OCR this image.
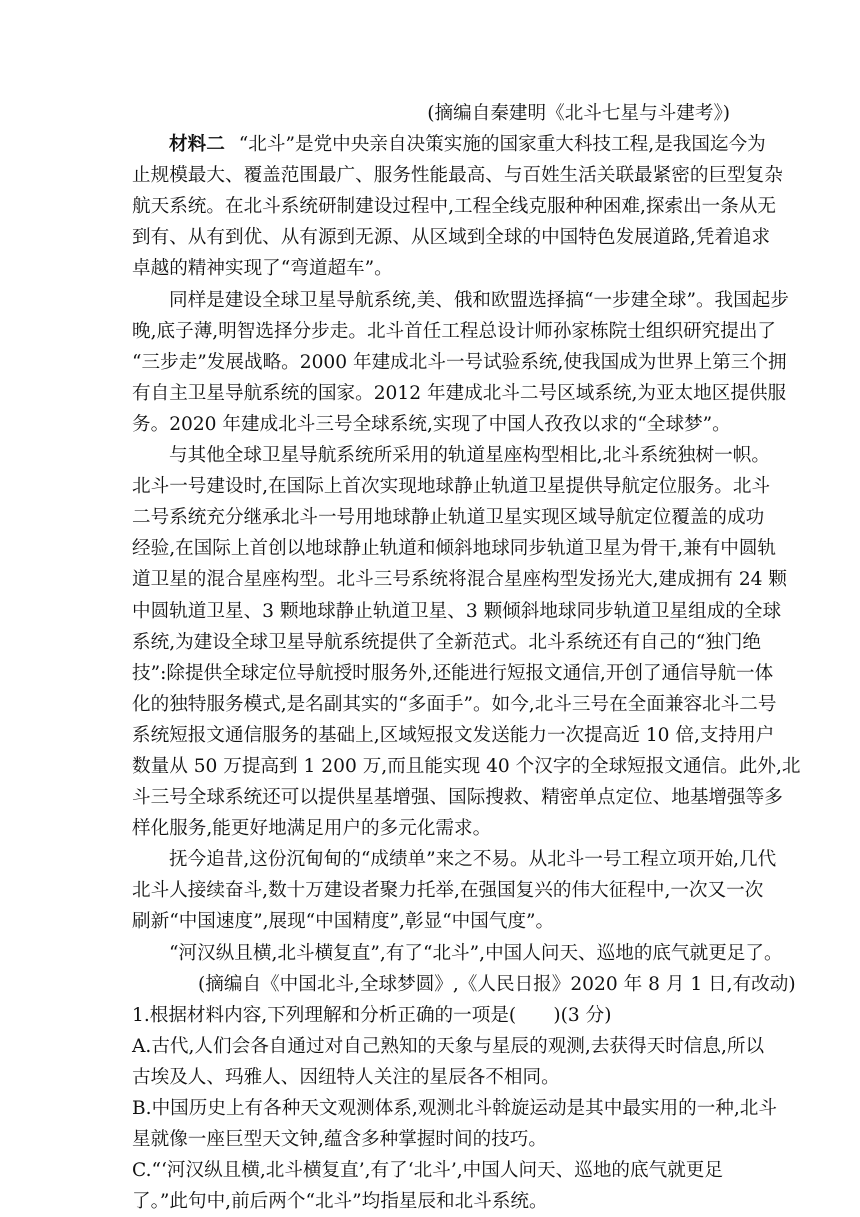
(摘编自秦建明《北斗七星与斗建考》)
材料二 “北斗”是党中央亲自决策实施的国家重大科技工程,是我国迄今为
止规模最大、覆盖范围最广、服务性能最高、与百姓生活关联最紧密的巨型复杂
航天系统。在北斗系统研制建设过程中,工程全线克服种种困难,探索出一条从无
到有、从有到优、从有源到无源、从区域到全球的中国特色发展道路,凭着追求
卓越的精神实现了“弯道超车”。
同样是建设全球卫星导航系统,美、俄和欧盟选择搞“一步建全球”。我国起步
晚,底子薄,明智选择分步走。北斗首任工程总设计师孙家栋院士组织研究提出了
“三步走”发展战略。2000 年建成北斗一号试验系统,使我国成为世界上第三个拥
有自主卫星导航系统的国家。2012 年建成北斗二号区域系统,为亚太地区提供服
务。2020 年建成北斗三号全球系统,实现了中国人孜孜以求的“全球梦”。
与其他全球卫星导航系统所采用的轨道星座构型相比,北斗系统独树一帜。
北斗一号建设时,在国际上首次实现地球静止轨道卫星提供导航定位服务。北斗
二号系统充分继承北斗一号用地球静止轨道卫星实现区域导航定位覆盖的成功
经验,在国际上首创以地球静止轨道和倾斜地球同步轨道卫星为骨干,兼有中圆轨
道卫星的混合星座构型。北斗三号系统将混合星座构型发扬光大,建成拥有 24 颗
中圆轨道卫星、3 颗地球静止轨道卫星、3 颗倾斜地球同步轨道卫星组成的全球
系统,为建设全球卫星导航系统提供了全新范式。北斗系统还有自己的“独门绝
技”:除提供全球定位导航授时服务外,还能进行短报文通信,开创了通信导航一体
化的独特服务模式,是名副其实的“多面手”。如今,北斗三号在全面兼容北斗二号
系统短报文通信服务的基础上,区域短报文发送能力一次提高近 10 倍,支持用户
数量从 50 万提高到 1 200 万,而且能实现 40 个汉字的全球短报文通信。此外,北
斗三号全球系统还可以提供星基增强、国际搜救、精密单点定位、地基增强等多
样化服务,能更好地满足用户的多元化需求。
抚今追昔,这份沉甸甸的“成绩单”来之不易。从北斗一号工程立项开始,几代
北斗人接续奋斗,数十万建设者聚力托举,在强国复兴的伟大征程中,一次又一次
刷新“中国速度”,展现“中国精度”,彰显“中国气度”。
“河汉纵且横,北斗横复直”,有了“北斗”,中国人问天、巡地的底气就更足了。
(摘编自《中国北斗,全球梦圆》,《人民日报》2020 年 8 月 1 日,有改动)
1.根据材料内容,下列理解和分析正确的一项是(　　)(3 分)
A.古代,人们会各自通过对自己熟知的天象与星辰的观测,去获得天时信息,所以
古埃及人、玛雅人、因纽特人关注的星辰各不相同。
B.中国历史上有各种天文观测体系,观测北斗斡旋运动是其中最实用的一种,北斗
星就像一座巨型天文钟,蕴含多种掌握时间的技巧。
C.“‘河汉纵且横,北斗横复直’,有了‘北斗’,中国人问天、巡地的底气就更足
了。”此句中,前后两个“北斗”均指星辰和北斗系统。
